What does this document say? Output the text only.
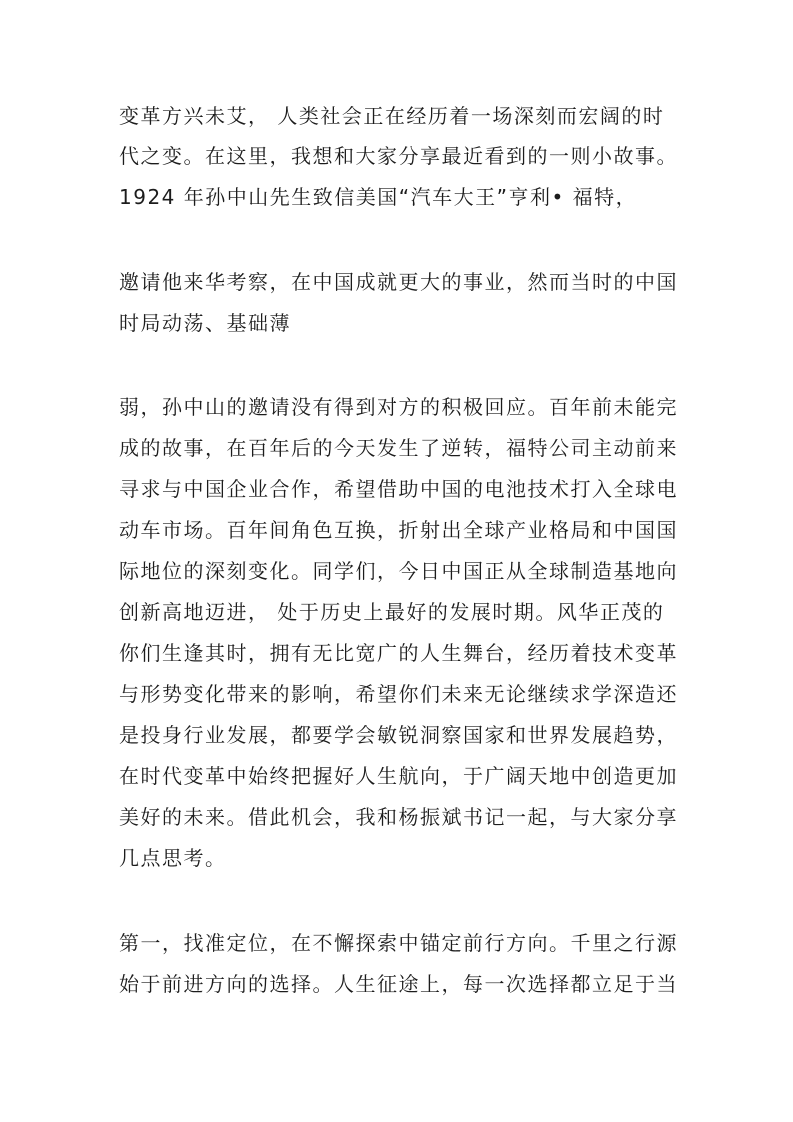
变革方兴未艾， 人类社会正在经历着一场深刻而宏阔的时
代之变。在这里，我想和大家分享最近看到的一则小故事。
1924 年孙中山先生致信美国“汽车大王”亨利• 福特，
邀请他来华考察，在中国成就更大的事业，然而当时的中国
时局动荡、基础薄
弱，孙中山的邀请没有得到对方的积极回应。百年前未能完
成的故事，在百年后的今天发生了逆转，福特公司主动前来
寻求与中国企业合作，希望借助中国的电池技术打入全球电
动车市场。百年间角色互换，折射出全球产业格局和中国国
际地位的深刻变化。同学们，今日中国正从全球制造基地向
创新高地迈进， 处于历史上最好的发展时期。风华正茂的
你们生逢其时，拥有无比宽广的人生舞台，经历着技术变革
与形势变化带来的影响，希望你们未来无论继续求学深造还
是投身行业发展，都要学会敏锐洞察国家和世界发展趋势，
在时代变革中始终把握好人生航向，于广阔天地中创造更加
美好的未来。借此机会，我和杨振斌书记一起，与大家分享
几点思考。
第一，找准定位，在不懈探索中锚定前行方向。千里之行源
始于前进方向的选择。人生征途上，每一次选择都立足于当
